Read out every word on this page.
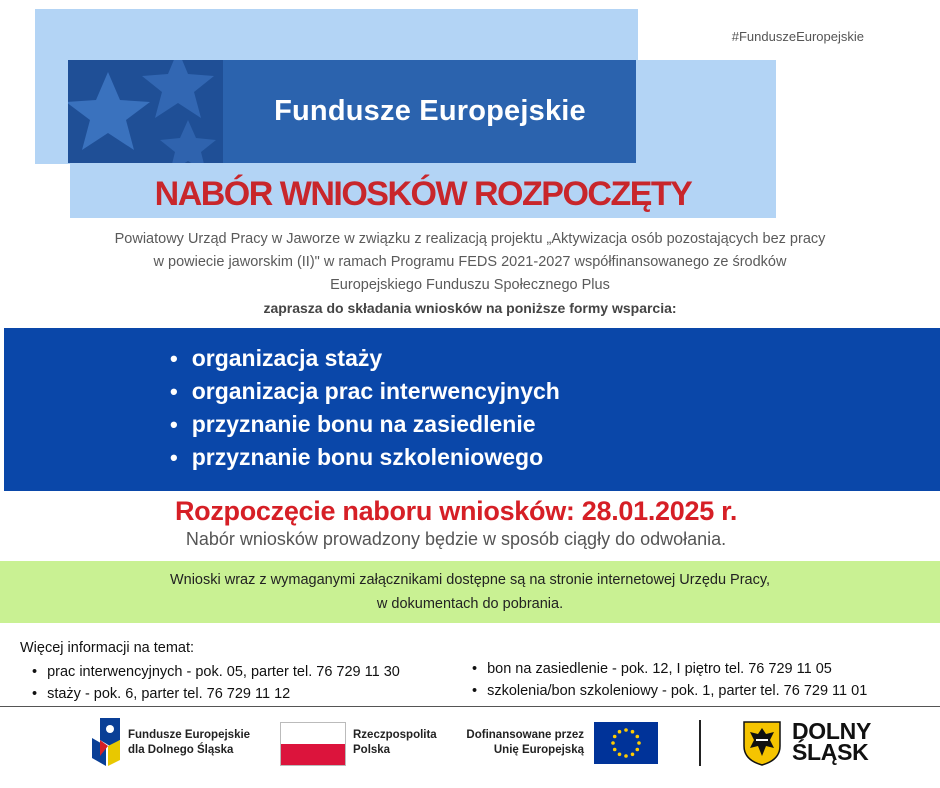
Fundusze Europejskie
#FunduszeEuropejskie
NABÓR WNIOSKÓW ROZPOCZĘTY
Powiatowy Urząd Pracy w Jaworze w związku z realizacją projektu „Aktywizacja osób pozostających bez pracy
w powiecie jaworskim (II)" w ramach Programu FEDS 2021-2027 współfinansowanego ze środków
Europejskiego Funduszu Społecznego Plus
zaprasza do składania wniosków na poniższe formy wsparcia:
• organizacja staży
• organizacja prac interwencyjnych
• przyznanie bonu na zasiedlenie
• przyznanie bonu szkoleniowego
Rozpoczęcie naboru wniosków: 28.01.2025 r.
Nabór wniosków prowadzony będzie w sposób ciągły do odwołania.
Wnioski wraz z wymaganymi załącznikami dostępne są na stronie internetowej Urzędu Pracy,
w dokumentach do pobrania.
Więcej informacji na temat:
• prac interwencyjnych - pok. 05, parter tel. 76 729 11 30
• staży - pok. 6, parter tel. 76 729 11 12
• bon na zasiedlenie - pok. 12, I piętro tel. 76 729 11 05
• szkolenia/bon szkoleniowy - pok. 1, parter tel. 76 729 11 01
Fundusze Europejskie
dla Dolnego Śląska
Rzeczpospolita
Polska
Dofinansowane przez
Unię Europejską
DOLNY
ŚLĄSK
